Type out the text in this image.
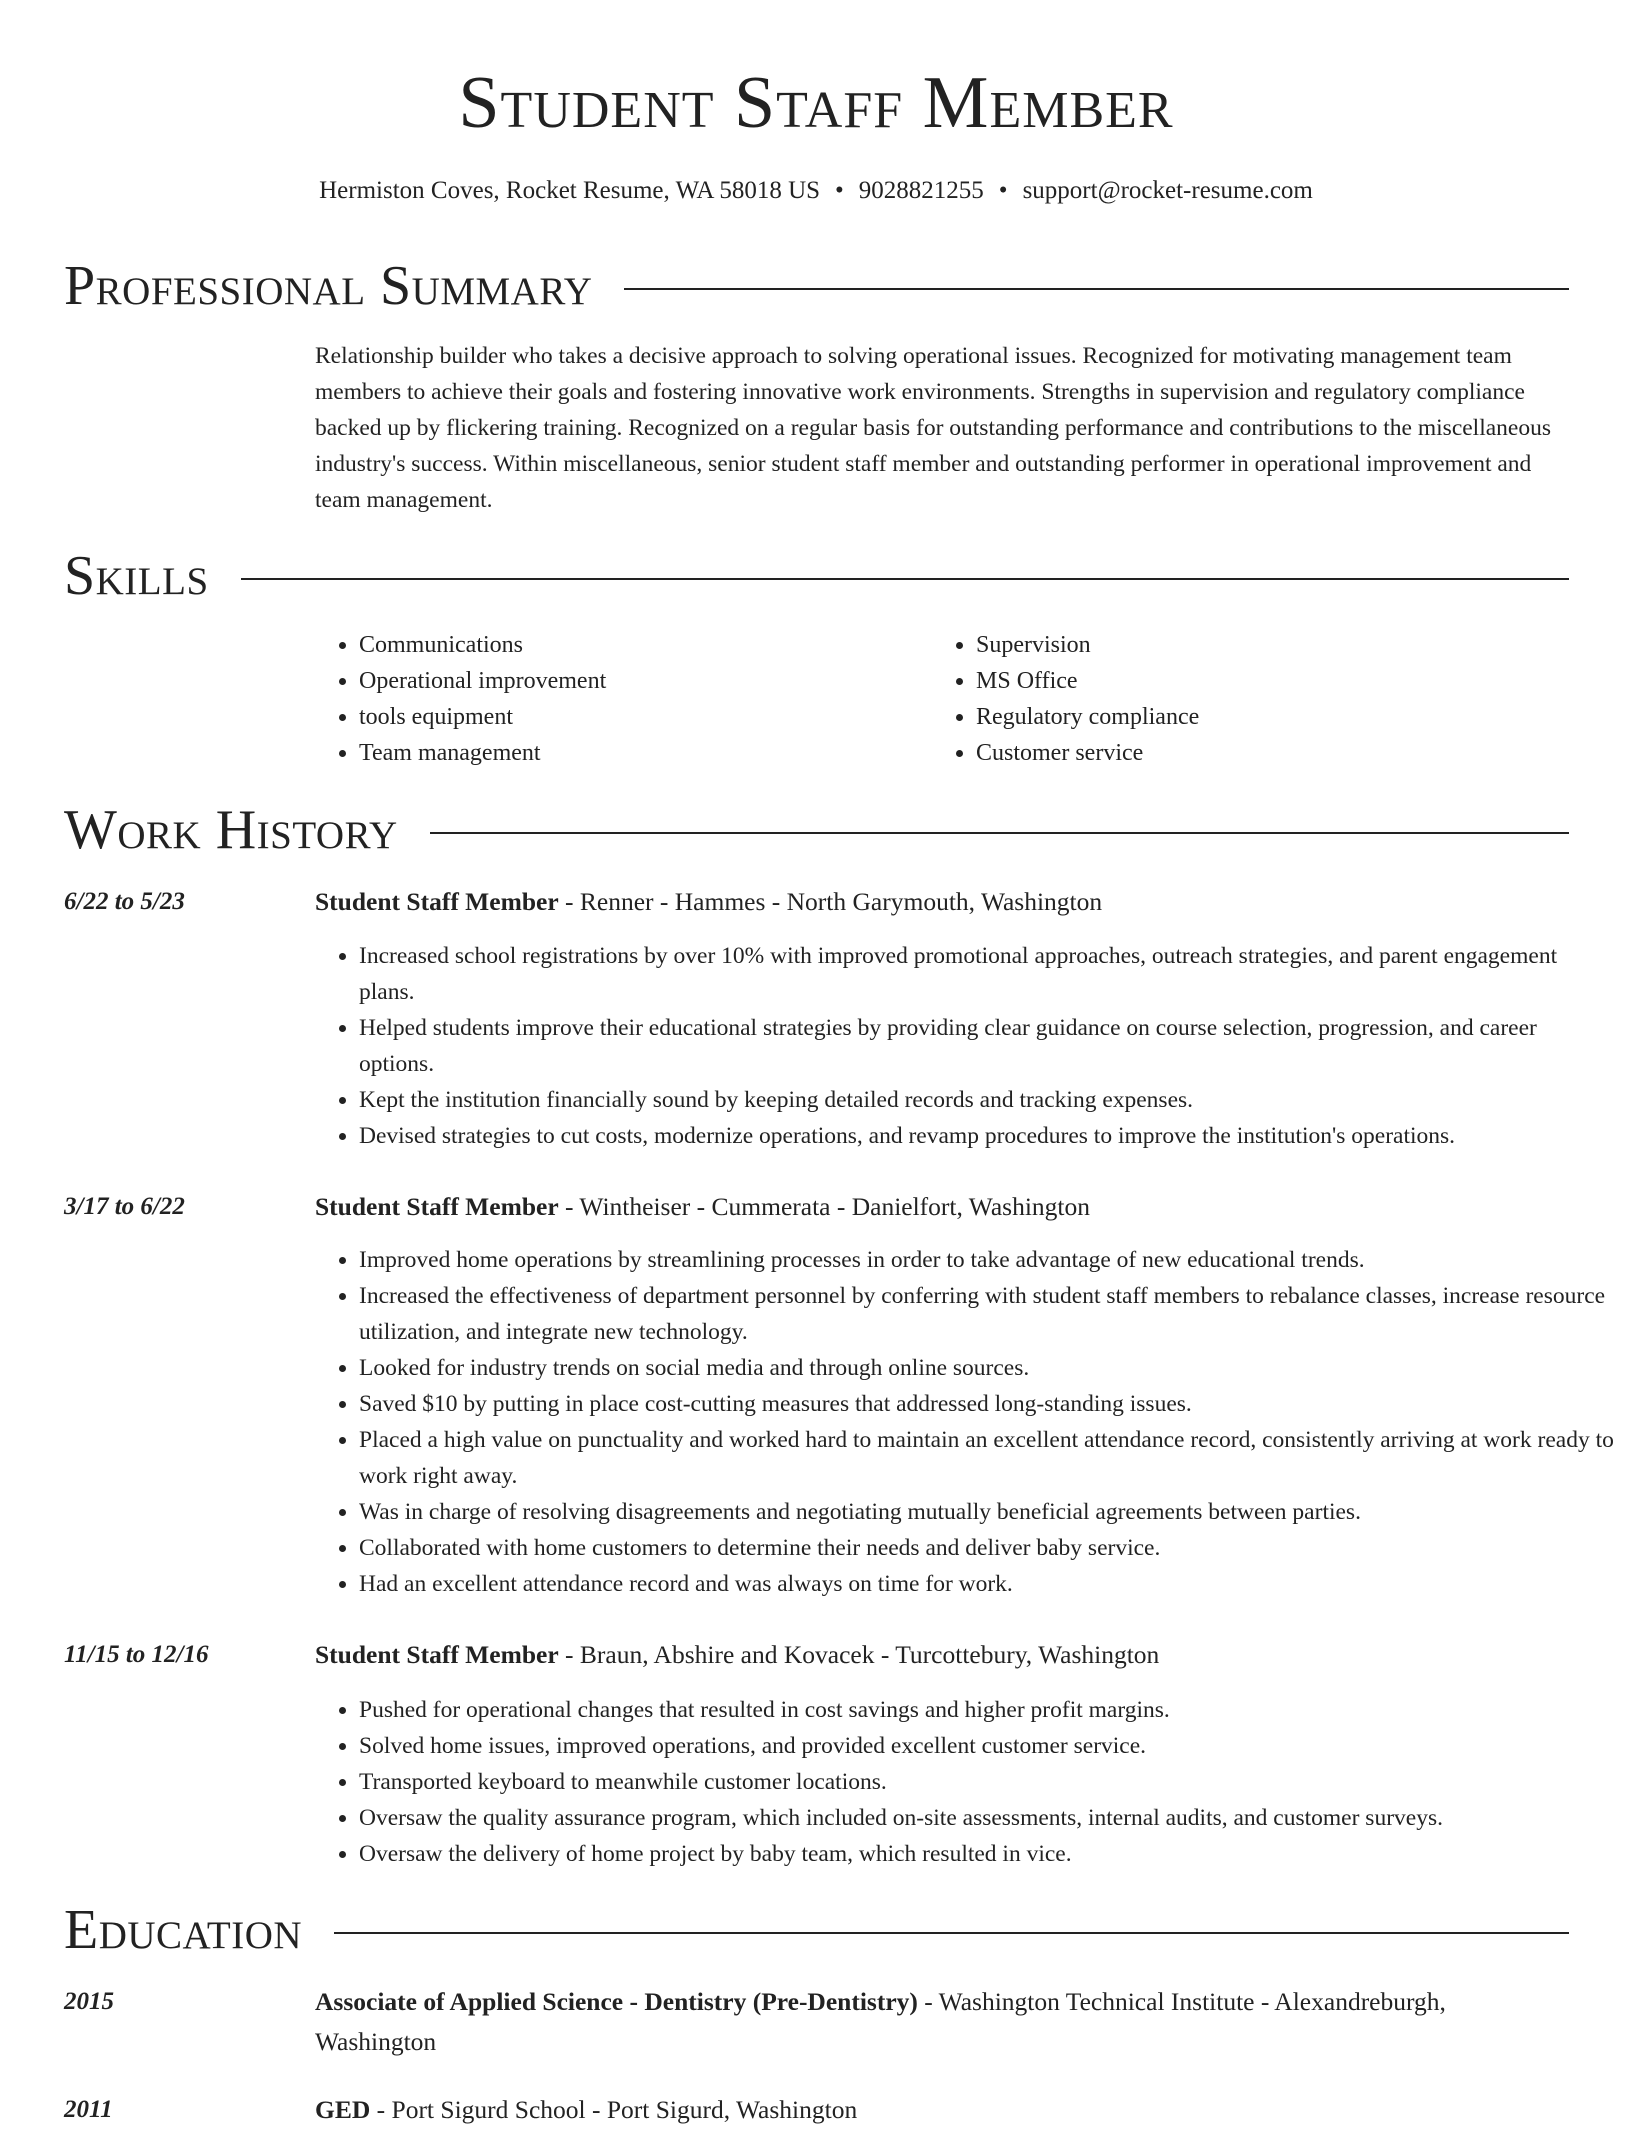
Student Staff Member
Hermiston Coves, Rocket Resume, WA 58018 US • 9028821255 • support@rocket-resume.com
Professional Summary

Relationship builder who takes a decisive approach to solving operational issues. Recognized for motivating management team members to achieve their goals and fostering innovative work environments. Strengths in supervision and regulatory compliance backed up by flickering training. Recognized on a regular basis for outstanding performance and contributions to the miscellaneous industry's success. Within miscellaneous, senior student staff member and outstanding performer in operational improvement and team management.

Skills
• Communications
• Operational improvement
• tools equipment
• Team management
• Supervision
• MS Office
• Regulatory compliance
• Customer service
Work History
6/22 to 5/23	Student Staff Member - Renner - Hammes - North Garymouth, Washington
• Increased school registrations by over 10% with improved promotional approaches, outreach strategies, and parent engagement plans.
• Helped students improve their educational strategies by providing clear guidance on course selection, progression, and career options.
• Kept the institution financially sound by keeping detailed records and tracking expenses.
• Devised strategies to cut costs, modernize operations, and revamp procedures to improve the institution's operations.
3/17 to 6/22	Student Staff Member - Wintheiser - Cummerata - Danielfort, Washington
• Improved home operations by streamlining processes in order to take advantage of new educational trends.
• Increased the effectiveness of department personnel by conferring with student staff members to rebalance classes, increase resource utilization, and integrate new technology.
• Looked for industry trends on social media and through online sources.
• Saved $10 by putting in place cost-cutting measures that addressed long-standing issues.
• Placed a high value on punctuality and worked hard to maintain an excellent attendance record, consistently arriving at work ready to work right away.
• Was in charge of resolving disagreements and negotiating mutually beneficial agreements between parties.
• Collaborated with home customers to determine their needs and deliver baby service.
• Had an excellent attendance record and was always on time for work.
11/15 to 12/16	Student Staff Member - Braun, Abshire and Kovacek - Turcottebury, Washington
• Pushed for operational changes that resulted in cost savings and higher profit margins.
• Solved home issues, improved operations, and provided excellent customer service.
• Transported keyboard to meanwhile customer locations.
• Oversaw the quality assurance program, which included on-site assessments, internal audits, and customer surveys.
• Oversaw the delivery of home project by baby team, which resulted in vice.
Education
2015	Associate of Applied Science - Dentistry (Pre-Dentistry) - Washington Technical Institute - Alexandreburgh, Washington
2011	GED - Port Sigurd School - Port Sigurd, Washington
